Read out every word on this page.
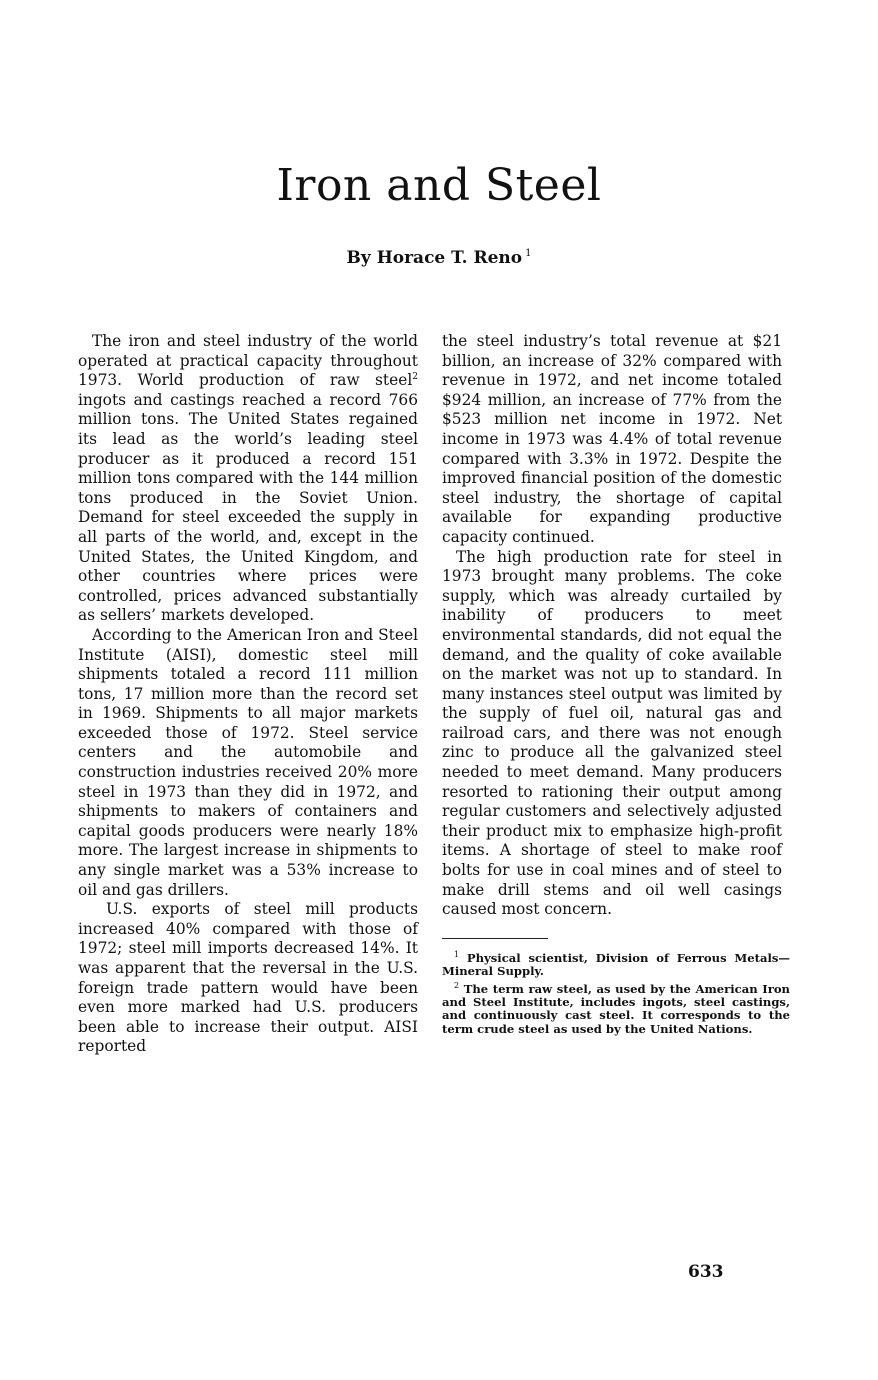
Iron and Steel
By Horace T. Reno $^1$

The iron and steel industry of the world operated at practical capacity throughout 1973. World production of raw steel$^2$ ingots and castings reached a record 766 million tons. The United States regained its lead as the world’s leading steel producer as it produced a record 151 million tons compared with the 144 million tons produced in the Soviet Union. Demand for steel exceeded the supply in all parts of the world, and, except in the United States, the United Kingdom, and other countries where prices were controlled, prices advanced substantially as sellers’ markets developed.

According to the American Iron and Steel Institute (AISI), domestic steel mill shipments totaled a record 111 million tons, 17 million more than the record set in 1969. Shipments to all major markets exceeded those of 1972. Steel service centers and the automobile and construction industries received 20% more steel in 1973 than they did in 1972, and shipments to makers of containers and capital goods producers were nearly 18% more. The largest increase in shipments to any single market was a 53% increase to oil and gas drillers.

U.S. exports of steel mill products increased 40% compared with those of 1972; steel mill imports decreased 14%. It was apparent that the reversal in the U.S. foreign trade pattern would have been even more marked had U.S. producers been able to increase their output. AISI reported

the steel industry’s total revenue at $21 billion, an increase of 32% compared with revenue in 1972, and net income totaled $924 million, an increase of 77% from the $523 million net income in 1972. Net income in 1973 was 4.4% of total revenue compared with 3.3% in 1972. Despite the improved financial position of the domestic steel industry, the shortage of capital available for expanding productive capacity continued.

The high production rate for steel in 1973 brought many problems. The coke supply, which was already curtailed by inability of producers to meet environmental standards, did not equal the demand, and the quality of coke available on the market was not up to standard. In many instances steel output was limited by the supply of fuel oil, natural gas and railroad cars, and there was not enough zinc to produce all the galvanized steel needed to meet demand. Many producers resorted to rationing their output among regular customers and selectively adjusted their product mix to emphasize high-profit items. A shortage of steel to make roof bolts for use in coal mines and of steel to make drill stems and oil well casings caused most concern.

$^1$ Physical scientist, Division of Ferrous Metals—Mineral Supply.

$^2$ The term raw steel, as used by the American Iron and Steel Institute, includes ingots, steel castings, and continuously cast steel. It corresponds to the term crude steel as used by the United Nations.

633
